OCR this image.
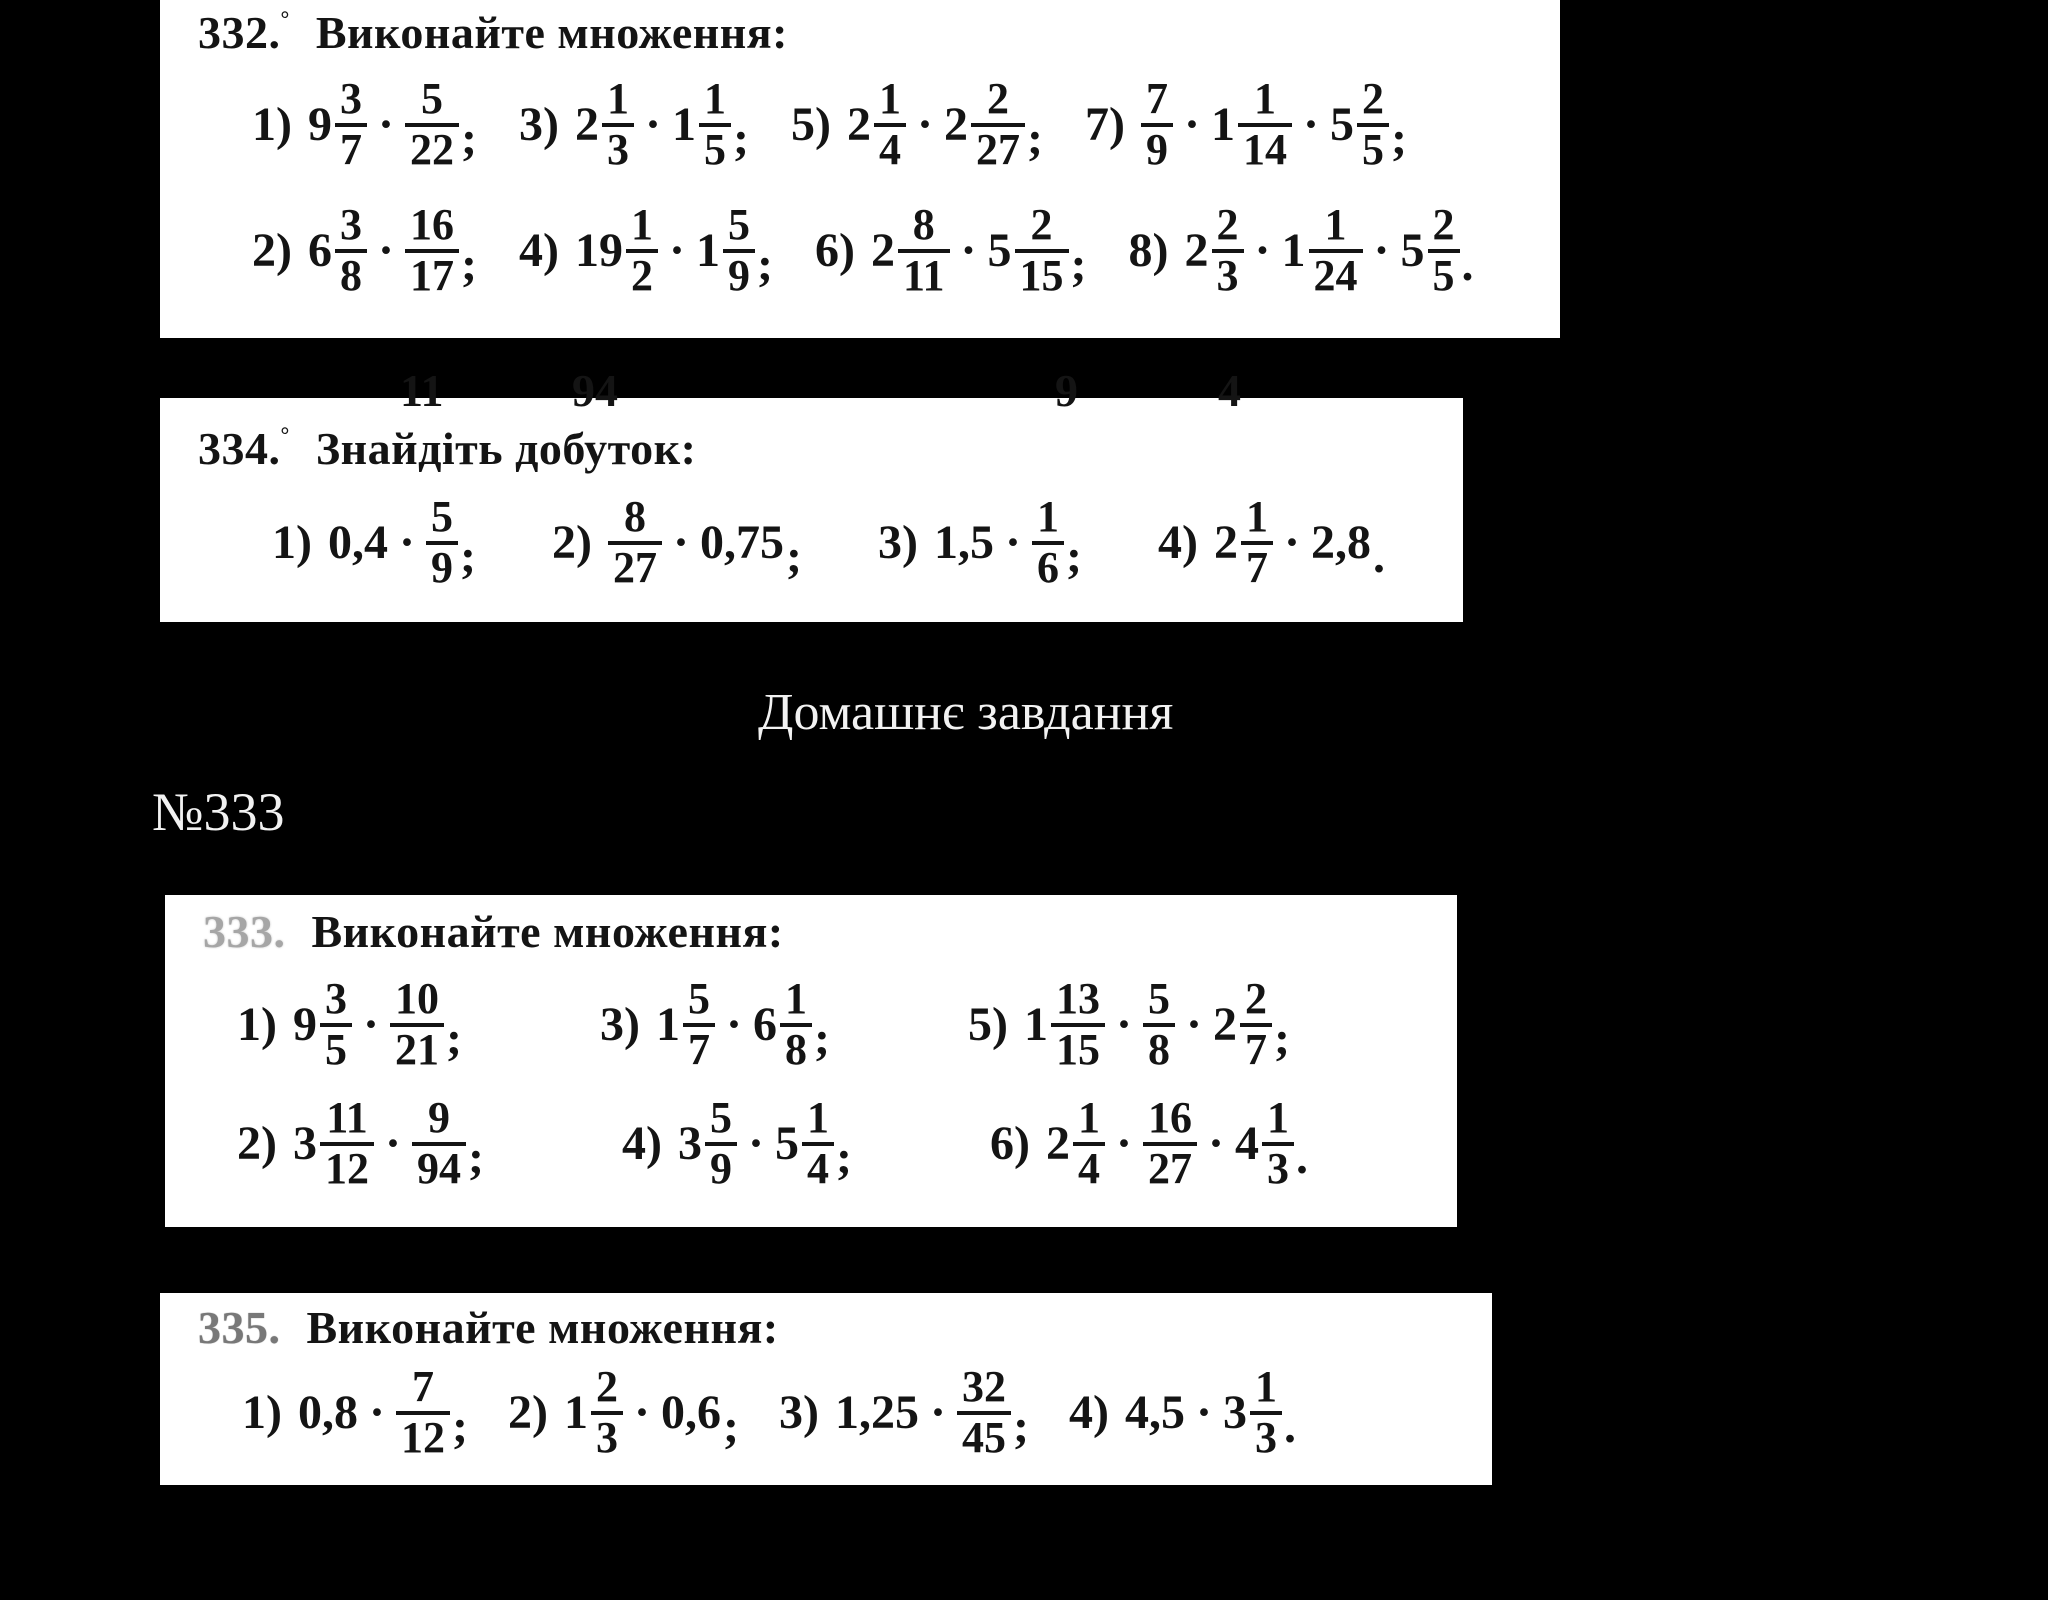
332.° Виконайте множення:
1) $9 \frac{3}{7} \cdot \frac{5}{22}$ ; 3) $2 \frac{1}{3} \cdot 1 \frac{1}{5}$ ; 5) $2 \frac{1}{4} \cdot 2 \frac{2}{27}$ ; $7) \frac{7}{9} \cdot 1 \frac{1}{14} \cdot 5 \frac{2}{5}$ ;
2) $6 \frac{3}{8} \cdot \frac{16}{17}$ ; 4) $19 \frac{1}{2} \cdot 1 \frac{5}{9}$ ; 6) $2 \frac{8}{11} \cdot 5 \frac{2}{15}$ ; 8) $2 \frac{2}{3} \cdot 1 \frac{1}{24} \cdot 5 \frac{2}{5}$ .
11	94	9	4
334.° Знайдіть добуток:
1) $0,4 \cdot \frac{5}{9}$ ; $2) \frac{8}{27} \cdot 0,75$ ; 3) $1,5 \cdot \frac{1}{6}$ ; 4) $2 \frac{1}{7} \cdot 2,8$ .
Домашнє завдання
№333
333. Виконайте множення:
1) $9 \frac{3}{5} \cdot \frac{10}{21}$ ;	3) $1 \frac{5}{7} \cdot 6 \frac{1}{8}$ ;	5) $1 \frac{13}{15} \cdot \frac{5}{8} \cdot 2 \frac{2}{7}$ ;
2) $3 \frac{11}{12} \cdot \frac{9}{94}$ ;	4) $3 \frac{5}{9} \cdot 5 \frac{1}{4}$ ;	6) $2 \frac{1}{4} \cdot \frac{16}{27} \cdot 4 \frac{1}{3}$ .
335. Виконайте множення:
1) $0,8 \cdot \frac{7}{12}$ ; 2) $1 \frac{2}{3} \cdot 0,6$ ; 3) $1,25 \cdot \frac{32}{45}$ ; 4) $4,5 \cdot 3 \frac{1}{3}$ .
